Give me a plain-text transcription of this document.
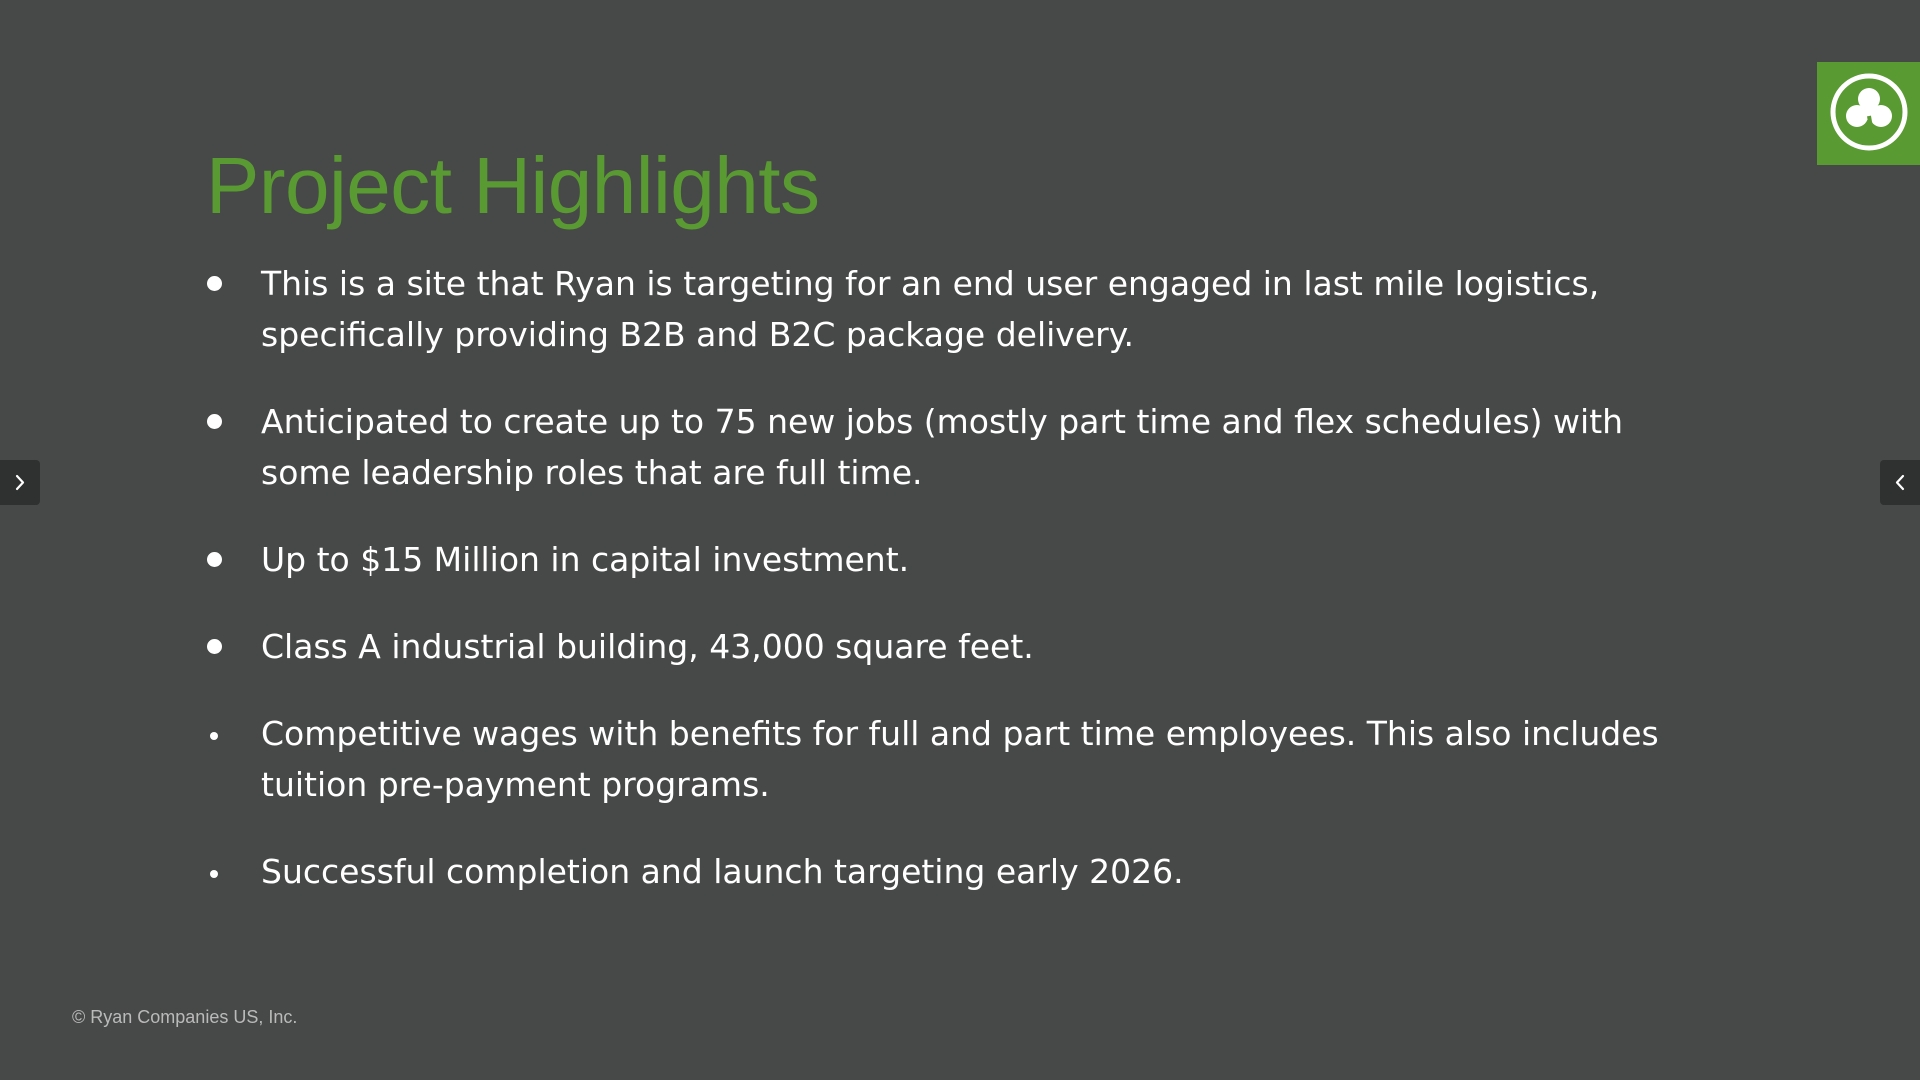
Project Highlights
This is a site that Ryan is targeting for an end user engaged in last mile logistics, specifically providing B2B and B2C package delivery.
Anticipated to create up to 75 new jobs (mostly part time and flex schedules) with some leadership roles that are full time.
Up to $15 Million in capital investment.
Class A industrial building, 43,000 square feet.
Competitive wages with benefits for full and part time employees. This also includes tuition pre-payment programs.
Successful completion and launch targeting early 2026.
© Ryan Companies US, Inc.
